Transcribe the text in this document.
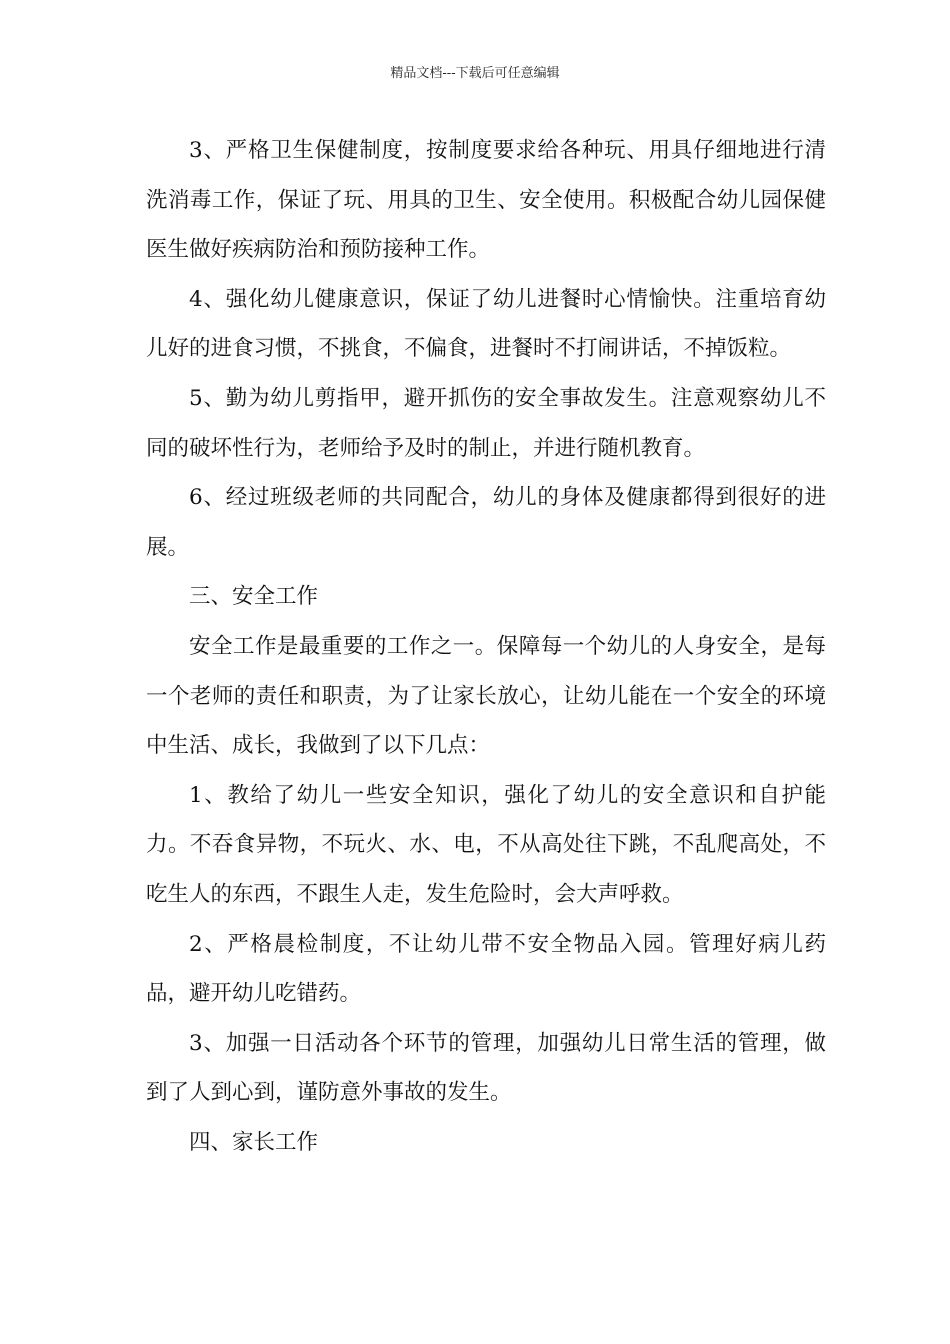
精品文档---下载后可任意编辑

3、严格卫生保健制度，按制度要求给各种玩、用具仔细地进行清洗消毒工作，保证了玩、用具的卫生、安全使用。积极配合幼儿园保健医生做好疾病防治和预防接种工作。

4、强化幼儿健康意识，保证了幼儿进餐时心情愉快。注重培育幼儿好的进食习惯，不挑食，不偏食，进餐时不打闹讲话，不掉饭粒。

5、勤为幼儿剪指甲，避开抓伤的安全事故发生。注意观察幼儿不同的破坏性行为，老师给予及时的制止，并进行随机教育。

6、经过班级老师的共同配合，幼儿的身体及健康都得到很好的进展。

三、安全工作

安全工作是最重要的工作之一。保障每一个幼儿的人身安全，是每一个老师的责任和职责，为了让家长放心，让幼儿能在一个安全的环境中生活、成长，我做到了以下几点：

1、教给了幼儿一些安全知识，强化了幼儿的安全意识和自护能力。不吞食异物，不玩火、水、电，不从高处往下跳，不乱爬高处，不吃生人的东西，不跟生人走，发生危险时，会大声呼救。

2、严格晨检制度，不让幼儿带不安全物品入园。管理好病儿药品，避开幼儿吃错药。

3、加强一日活动各个环节的管理，加强幼儿日常生活的管理，做到了人到心到，谨防意外事故的发生。

四、家长工作
